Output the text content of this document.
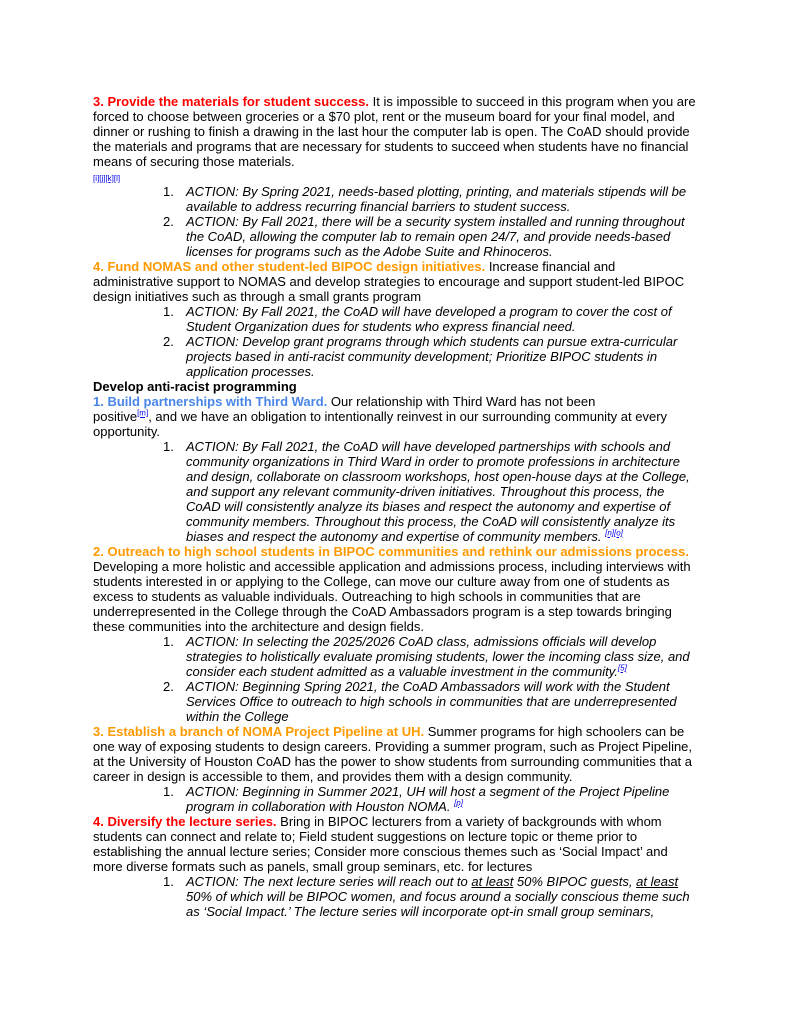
3. Provide the materials for student success. It is impossible to succeed in this program when you are forced to choose between groceries or a $70 plot, rent or the museum board for your final model, and dinner or rushing to finish a drawing in the last hour the computer lab is open. The CoAD should provide the materials and programs that are necessary for students to succeed when students have no financial means of securing those materials.

[i][j][k][l]

1. ACTION: By Spring 2021, needs-based plotting, printing, and materials stipends will be available to address recurring financial barriers to student success.
2. ACTION: By Fall 2021, there will be a security system installed and running throughout the CoAD, allowing the computer lab to remain open 24/7, and provide needs-based licenses for programs such as the Adobe Suite and Rhinoceros.

4. Fund NOMAS and other student-led BIPOC design initiatives. Increase financial and administrative support to NOMAS and develop strategies to encourage and support student-led BIPOC design initiatives such as through a small grants program

1. ACTION: By Fall 2021, the CoAD will have developed a program to cover the cost of Student Organization dues for students who express financial need.
2. ACTION: Develop grant programs through which students can pursue extra-curricular projects based in anti-racist community development; Prioritize BIPOC students in application processes.

Develop anti-racist programming

1. Build partnerships with Third Ward. Our relationship with Third Ward has not been
positive[m], and we have an obligation to intentionally reinvest in our surrounding community at every opportunity.

1. ACTION: By Fall 2021, the CoAD will have developed partnerships with schools and community organizations in Third Ward in order to promote professions in architecture and design, collaborate on classroom workshops, host open-house days at the College, and support any relevant community-driven initiatives. Throughout this process, the CoAD will consistently analyze its biases and respect the autonomy and expertise of community members. Throughout this process, the CoAD will consistently analyze its biases and respect the autonomy and expertise of community members. [n][o]

2. Outreach to high school students in BIPOC communities and rethink our admissions process. Developing a more holistic and accessible application and admissions process, including interviews with students interested in or applying to the College, can move our culture away from one of students as excess to students as valuable individuals. Outreaching to high schools in communities that are underrepresented in the College through the CoAD Ambassadors program is a step towards bringing these communities into the architecture and design fields.

1. ACTION: In selecting the 2025/2026 CoAD class, admissions officials will develop strategies to holistically evaluate promising students, lower the incoming class size, and consider each student admitted as a valuable investment in the community.[5]
2. ACTION: Beginning Spring 2021, the CoAD Ambassadors will work with the Student Services Office to outreach to high schools in communities that are underrepresented within the College

3. Establish a branch of NOMA Project Pipeline at UH. Summer programs for high schoolers can be one way of exposing students to design careers. Providing a summer program, such as Project Pipeline, at the University of Houston CoAD has the power to show students from surrounding communities that a career in design is accessible to them, and provides them with a design community.

1. ACTION: Beginning in Summer 2021, UH will host a segment of the Project Pipeline program in collaboration with Houston NOMA. [p]

4. Diversify the lecture series. Bring in BIPOC lecturers from a variety of backgrounds with whom students can connect and relate to; Field student suggestions on lecture topic or theme prior to establishing the annual lecture series; Consider more conscious themes such as ‘Social Impact’ and more diverse formats such as panels, small group seminars, etc. for lectures

1. ACTION: The next lecture series will reach out to at least 50% BIPOC guests, at least 50% of which will be BIPOC women, and focus around a socially conscious theme such as ‘Social Impact.’ The lecture series will incorporate opt-in small group seminars,
